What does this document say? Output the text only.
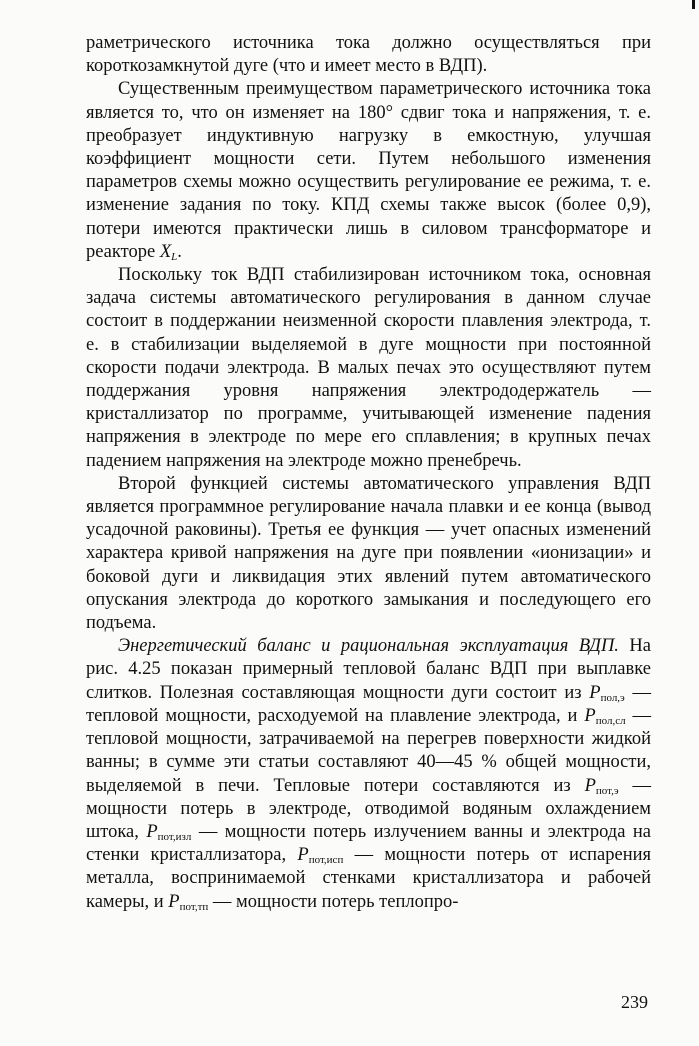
раметрического источника тока должно осуществляться при короткозамкнутой дуге (что и имеет место в ВДП).

Существенным преимуществом параметрического источника тока является то, что он изменяет на 180° сдвиг тока и напряжения, т. е. преобразует индуктивную нагрузку в емкостную, улучшая коэффициент мощности сети. Путем небольшого изменения параметров схемы можно осуществить регулирование ее режима, т. е. изменение задания по току. КПД схемы также высок (более 0,9), потери имеются практически лишь в силовом трансформаторе и реакторе $X_L$.

Поскольку ток ВДП стабилизирован источником тока, основная задача системы автоматического регулирования в данном случае состоит в поддержании неизменной скорости плавления электрода, т. е. в стабилизации выделяемой в дуге мощности при постоянной скорости подачи электрода. В малых печах это осуществляют путем поддержания уровня напряжения электрододержатель — кристаллизатор по программе, учитывающей изменение падения напряжения в электроде по мере его сплавления; в крупных печах падением напряжения на электроде можно пренебречь.

Второй функцией системы автоматического управления ВДП является программное регулирование начала плавки и ее конца (вывод усадочной раковины). Третья ее функция — учет опасных изменений характера кривой напряжения на дуге при появлении «ионизации» и боковой дуги и ликвидация этих явлений путем автоматического опускания электрода до короткого замыкания и последующего его подъема.

Энергетический баланс и рациональная эксплуатация ВДП. На рис. 4.25 показан примерный тепловой баланс ВДП при выплавке слитков. Полезная составляющая мощности дуги состоит из $P_{пол,э}$ — тепловой мощности, расходуемой на плавление электрода, и $P_{пол,сл}$ — тепловой мощности, затрачиваемой на перегрев поверхности жидкой ванны; в сумме эти статьи составляют 40—45 % общей мощности, выделяемой в печи. Тепловые потери составляются из $P_{пот,э}$ — мощности потерь в электроде, отводимой водяным охлаждением штока, $P_{пот,изл}$ — мощности потерь излучением ванны и электрода на стенки кристаллизатора, $P_{пот,исп}$ — мощности потерь от испарения металла, воспринимаемой стенками кристаллизатора и рабочей камеры, и $P_{пот,тп}$ — мощности потерь теплопро-

239
